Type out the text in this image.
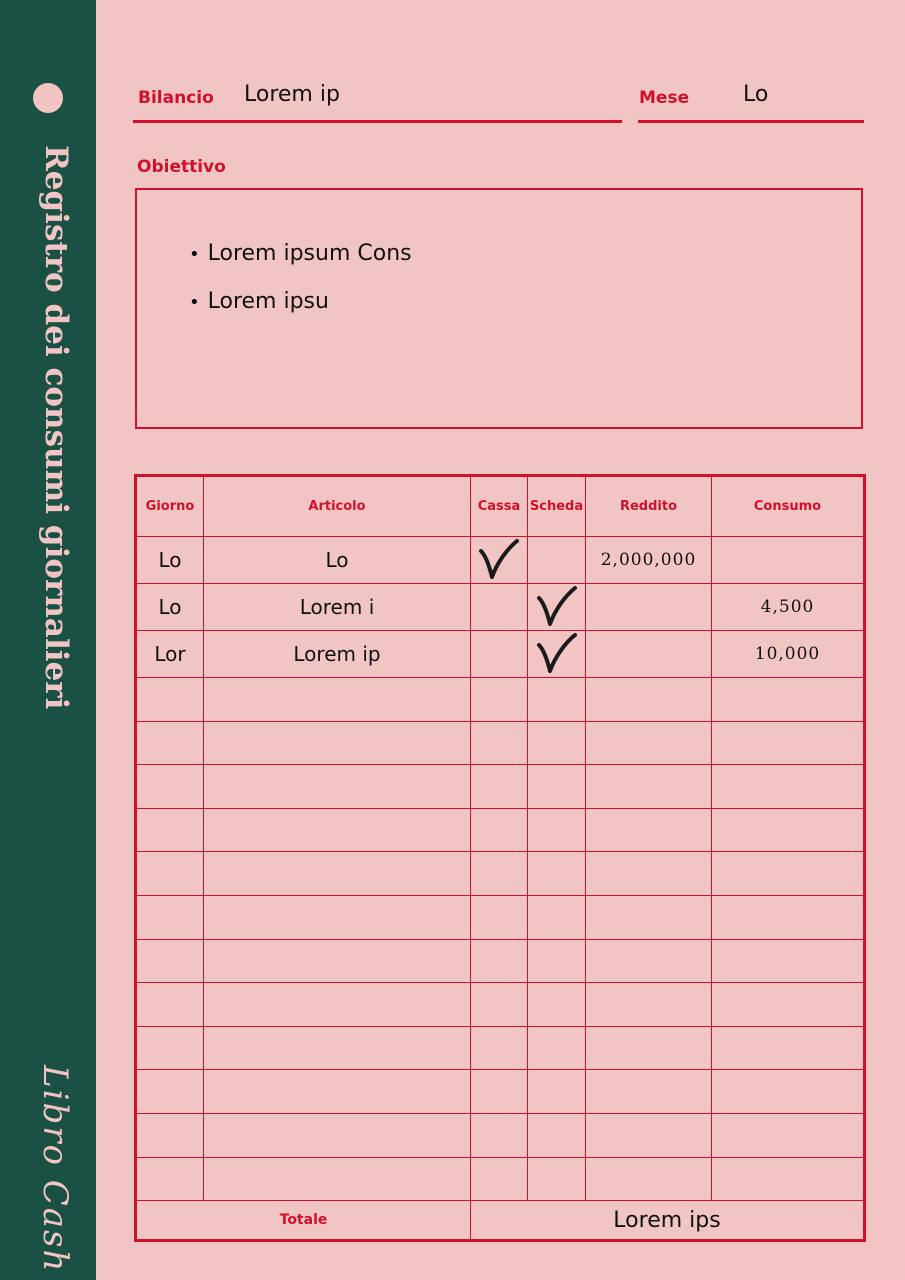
Registro dei consumi giornalieri
Libro Cash
Bilancio Lorem ip	Mese Lo
Obiettivo
• Lorem ipsum Cons
• Lorem ipsu
Giorno	Articolo	Cassa	Scheda	Reddito	Consumo
Lo	Lo			2,000,000	
Lo	Lorem i				4,500
Lor	Lorem ip				10,000

Totale		Lorem ips			
